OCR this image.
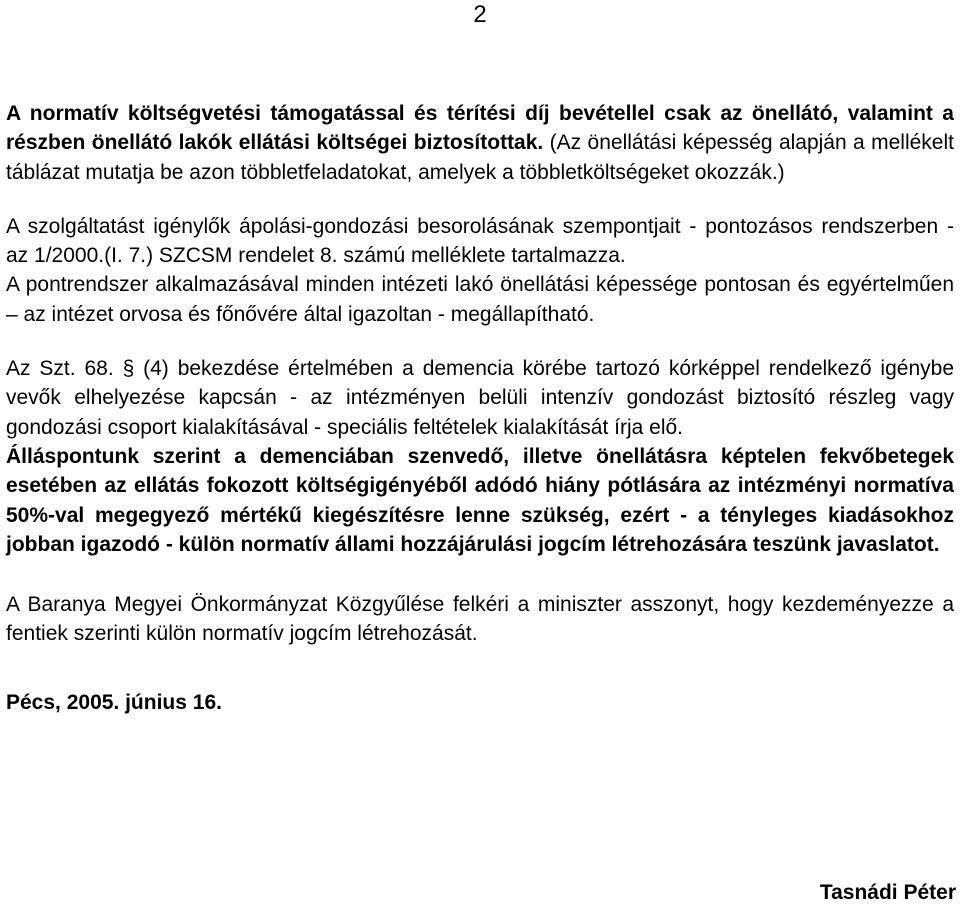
2

A normatív költségvetési támogatással és térítési díj bevétellel csak az önellátó, valamint a részben önellátó lakók ellátási költségei biztosítottak. (Az önellátási képesség alapján a mellékelt táblázat mutatja be azon többletfeladatokat, amelyek a többletköltségeket okozzák.)

A szolgáltatást igénylők ápolási-gondozási besorolásának szempontjait - pontozásos rendszerben - az 1/2000.(I. 7.) SZCSM rendelet 8. számú melléklete tartalmazza.

A pontrendszer alkalmazásával minden intézeti lakó önellátási képessége pontosan és egyértelműen – az intézet orvosa és főnővére által igazoltan - megállapítható.

Az Szt. 68. § (4) bekezdése értelmében a demencia körébe tartozó kórképpel rendelkező igénybe vevők elhelyezése kapcsán - az intézményen belüli intenzív gondozást biztosító részleg vagy gondozási csoport kialakításával - speciális feltételek kialakítását írja elő.

Álláspontunk szerint a demenciában szenvedő, illetve önellátásra képtelen fekvőbetegek esetében az ellátás fokozott költségigényéből adódó hiány pótlására az intézményi normatíva 50%-val megegyező mértékű kiegészítésre lenne szükség, ezért - a tényleges kiadásokhoz jobban igazodó - külön normatív állami hozzájárulási jogcím létrehozására teszünk javaslatot.

A Baranya Megyei Önkormányzat Közgyűlése felkéri a miniszter asszonyt, hogy kezdeményezze a fentiek szerinti külön normatív jogcím létrehozását.

Pécs, 2005. június 16.

Tasnádi Péter
